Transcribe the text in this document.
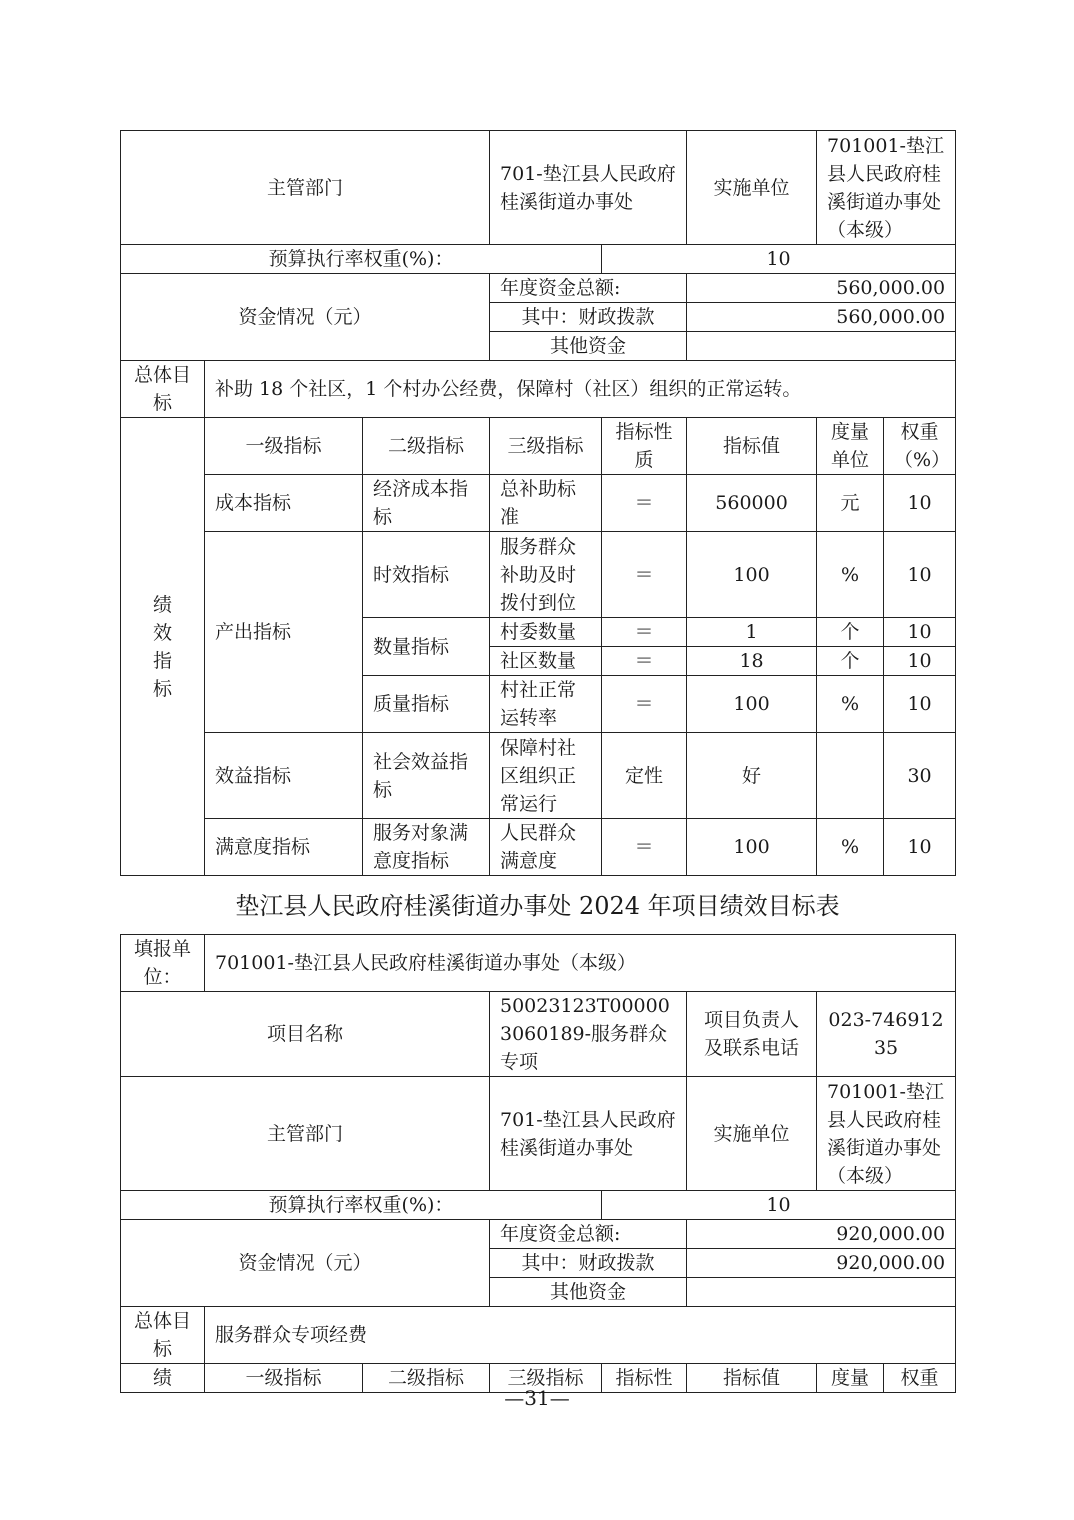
主管部门			701-垫江县人民政府桂溪街道办事处		实施单位	701001-垫江县人民政府桂溪街道办事处（本级）	
预算执行率权重(%)：				10			
资金情况（元）			年度资金总额:		560,000.00		
			其中：财政拨款		560,000.00		
			其他资金				
总体目标	补助 18 个社区，1 个村办公经费，保障村（社区）组织的正常运转。						
绩效指标	一级指标	二级指标	三级指标	指标性质	指标值	度量单位	权重（%）
	成本指标	经济成本指标	总补助标准	＝	560000	元	10
	产出指标	时效指标	服务群众补助及时拨付到位	＝	100	%	10
		数量指标	村委数量	＝	1	个	10
			社区数量	＝	18	个	10
		质量指标	村社正常运转率	＝	100	%	10
	效益指标	社会效益指标	保障村社区组织正常运行	定性	好		30
	满意度指标	服务对象满意度指标	人民群众满意度	＝	100	%	10
垫江县人民政府桂溪街道办事处 2024 年项目绩效目标表
填报单位：	701001-垫江县人民政府桂溪街道办事处（本级）						
项目名称			50023123T000003060189-服务群众专项		项目负责人及联系电话	023-74691235	
主管部门			701-垫江县人民政府桂溪街道办事处		实施单位	701001-垫江县人民政府桂溪街道办事处（本级）	
预算执行率权重(%)：				10			
资金情况（元）			年度资金总额:		920,000.00		
			其中：财政拨款		920,000.00		
			其他资金				
总体目标	服务群众专项经费						
绩	一级指标	二级指标	三级指标	指标性	指标值	度量	权重
—31—
